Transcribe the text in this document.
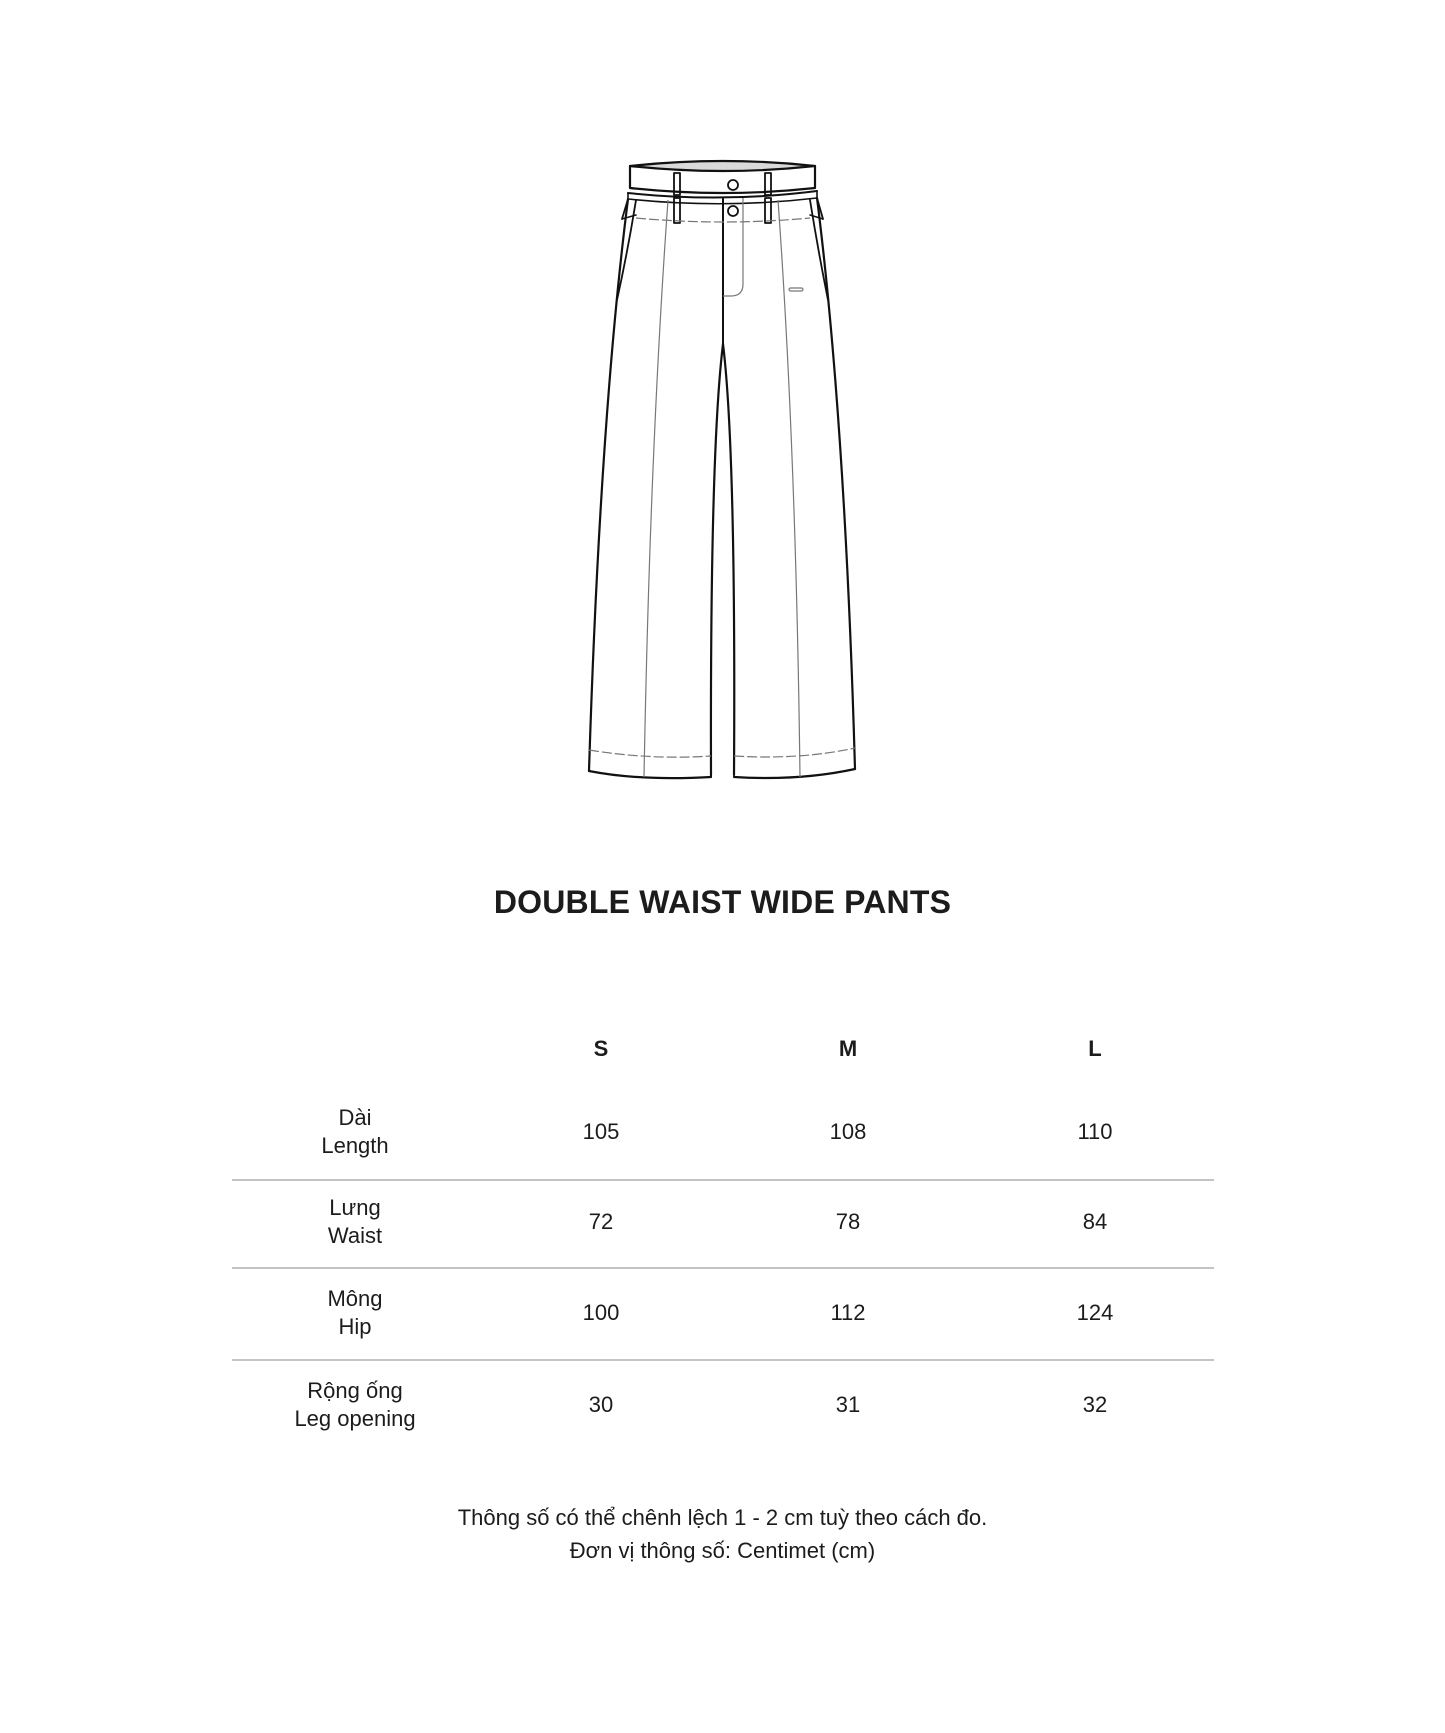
DOUBLE WAIST WIDE PANTS
S	M	L
Dài
Length
105	108	110
Lưng
Waist
72	78	84
Mông
Hip
100	112	124
Rộng ống
Leg opening
30	31	32
Thông số có thể chênh lệch 1 - 2 cm tuỳ theo cách đo.
Đơn vị thông số: Centimet (cm)
